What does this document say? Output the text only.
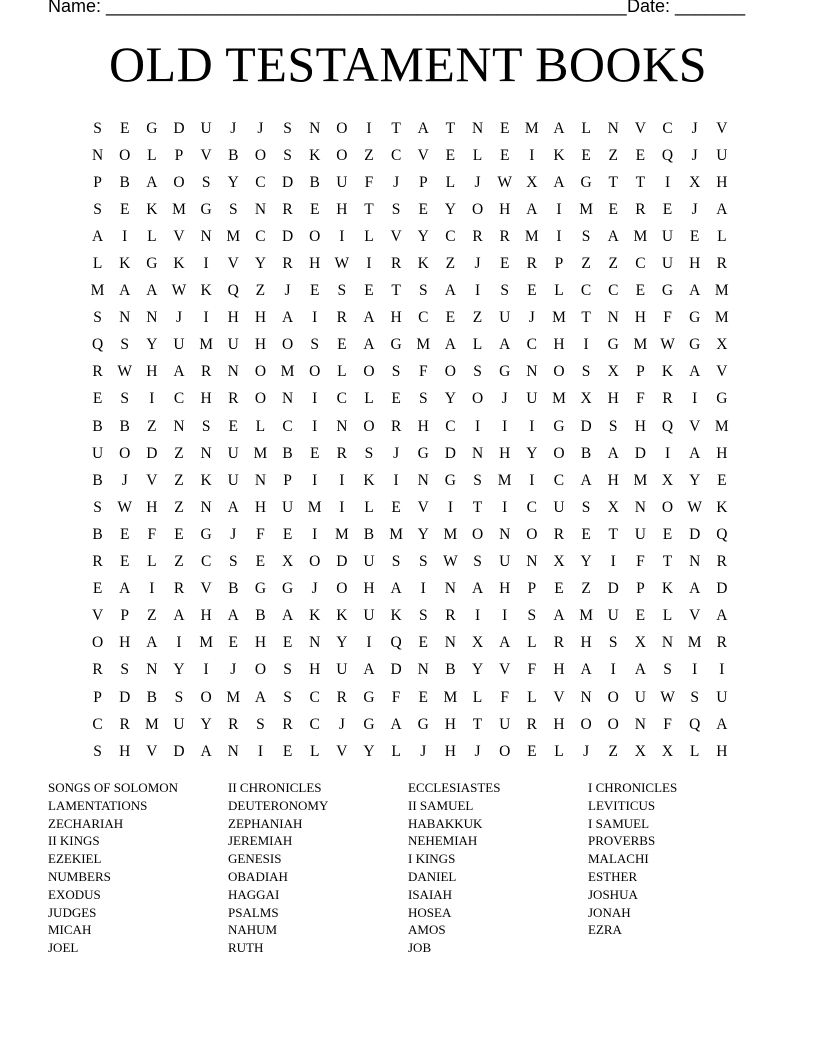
Name: ____________________________________________________ Date: _______
OLD TESTAMENT BOOKS
S	E	G	D	U	J	J	S	N	O	I	T	A	T	N	E	M A	L	N	V	C	J	V
N	O	L	P	V	B	O	S	K	O	Z	C	V	E	L	E	I	K	E	Z	E	Q	J	U
P	B	A	O	S	Y	C	D	B	U	F	J	P	L	J	W X	A	G	T	T	I	X	H
S	E	K M G	S	N	R	E	H	T	S	E	Y	O	H	A	I	M	E	R	E	J	A
A	I	L	V	N M C	D	O	I	L	V	Y	C	R	R M	I	S	A M U	E	L
L	K	G	K	I	V	Y	R	H W	I	R	K	Z	J	E	R	P	Z	Z	C	U	H	R
M A	A W K	Q	Z	J	E	S	E	T	S	A	I	S	E	L	C	C	E	G	A M
S	N	N	J	I	H	H	A	I	R	A	H	C	E	Z	U	J	M	T	N	H	F	G M
Q	S	Y	U M U	H	O	S	E	A	G M A	L	A	C	H	I	G M W G	X
R W H	A	R	N	O M O	L	O	S	F	O	S	G	N	O	S	X	P	K	A	V
E	S	I	C	H	R	O	N	I	C	L	E	S	Y	O	J	U M X	H	F	R	I	G
B	B	Z	N	S	E	L	C	I	N	O	R	H	C	I	I	I	G	D	S	H	Q	V M
U	O	D	Z	N	U M B	E	R	S	J	G	D	N	H	Y	O	B	A	D	I	A	H
B	J	V	Z	K	U	N	P	I	I	K	I	N	G	S	M	I	C	A	H M X	Y	E
S	W H	Z	N	A	H	U M	I	L	E	V	I	T	I	C	U	S	X	N	O W K
B	E	F	E	G	J	F	E	I	M B M Y M O	N	O	R	E	T	U	E	D	Q
R	E	L	Z	C	S	E	X	O	D	U	S	S	W	S	U	N	X	Y	I	F	T	N	R
E	A	I	R	V	B	G	G	J	O	H	A	I	N	A	H	P	E	Z	D	P	K	A	D
V	P	Z	A	H	A	B	A	K	K	U	K	S	R	I	I	S	A M U	E	L	V	A
O	H	A	I	M	E	H	E	N	Y	I	Q	E	N	X	A	L	R	H	S	X	N M R
R	S	N	Y	I	J	O	S	H	U	A	D	N	B	Y	V	F	H	A	I	A	S	I	I
P	D	B	S	O M A	S	C	R	G	F	E	M	L	F	L	V	N	O	U W	S	U
C	R M U	Y	R	S	R	C	J	G	A	G	H	T	U	R	H	O	O	N	F	Q	A
S	H	V	D	A	N	I	E	L	V	Y	L	J	H	J	O	E	L	J	Z	X	X	L	H
SONGS OF SOLOMON
LAMENTATIONS
ZECHARIAH
II KINGS
EZEKIEL
NUMBERS
EXODUS
JUDGES
MICAH
JOEL
II CHRONICLES
DEUTERONOMY
ZEPHANIAH
JEREMIAH
GENESIS
OBADIAH
HAGGAI
PSALMS
NAHUM
RUTH
ECCLESIASTES
II SAMUEL
HABAKKUK
NEHEMIAH
I KINGS
DANIEL
ISAIAH
HOSEA
AMOS
JOB
I CHRONICLES
LEVITICUS
I SAMUEL
PROVERBS
MALACHI
ESTHER
JOSHUA
JONAH
EZRA
